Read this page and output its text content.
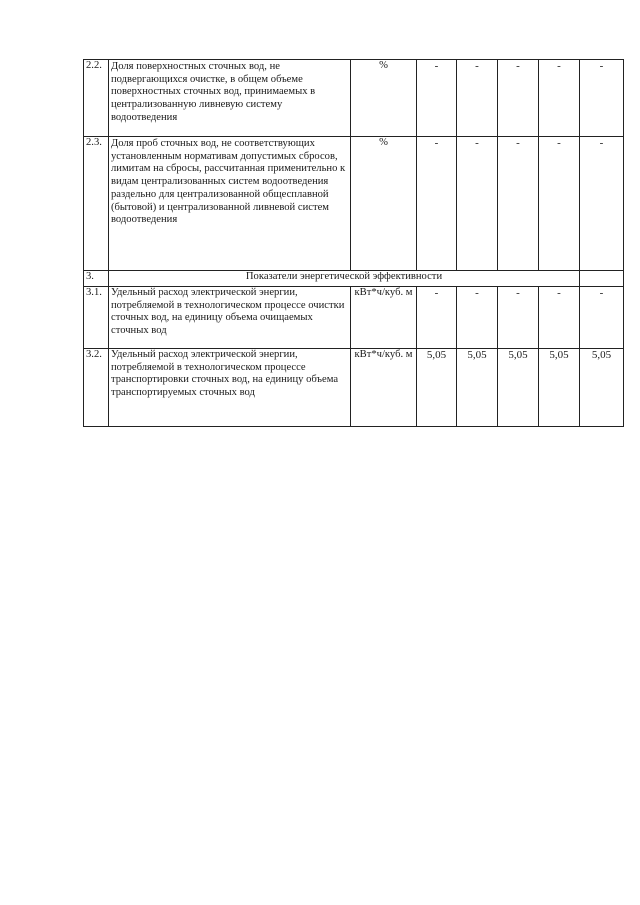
2.2.	Доля поверхностных сточных вод, не подвергающихся очистке, в общем объеме поверхностных сточных вод, принимаемых в централизованную ливневую систему водоотведения	%	-	-	-	-	-
2.3.	Доля проб сточных вод, не соответствующих установленным нормативам допустимых сбросов, лимитам на сбросы, рассчитанная применительно к видам централизованных систем водоотведения раздельно для централизованной общесплавной (бытовой) и централизованной ливневой систем водоотведения	%	-	-	-	-	-
3.	Показатели энергетической эффективности						
3.1.	Удельный расход электрической энергии, потребляемой в технологическом процессе очистки сточных вод, на единицу объема очищаемых сточных вод	кВт*ч/куб. м	-	-	-	-	-
3.2.	Удельный расход электрической энергии, потребляемой в технологическом процессе транспортировки сточных вод, на единицу объема транспортируемых сточных вод	кВт*ч/куб. м	5,05	5,05	5,05	5,05	5,05
